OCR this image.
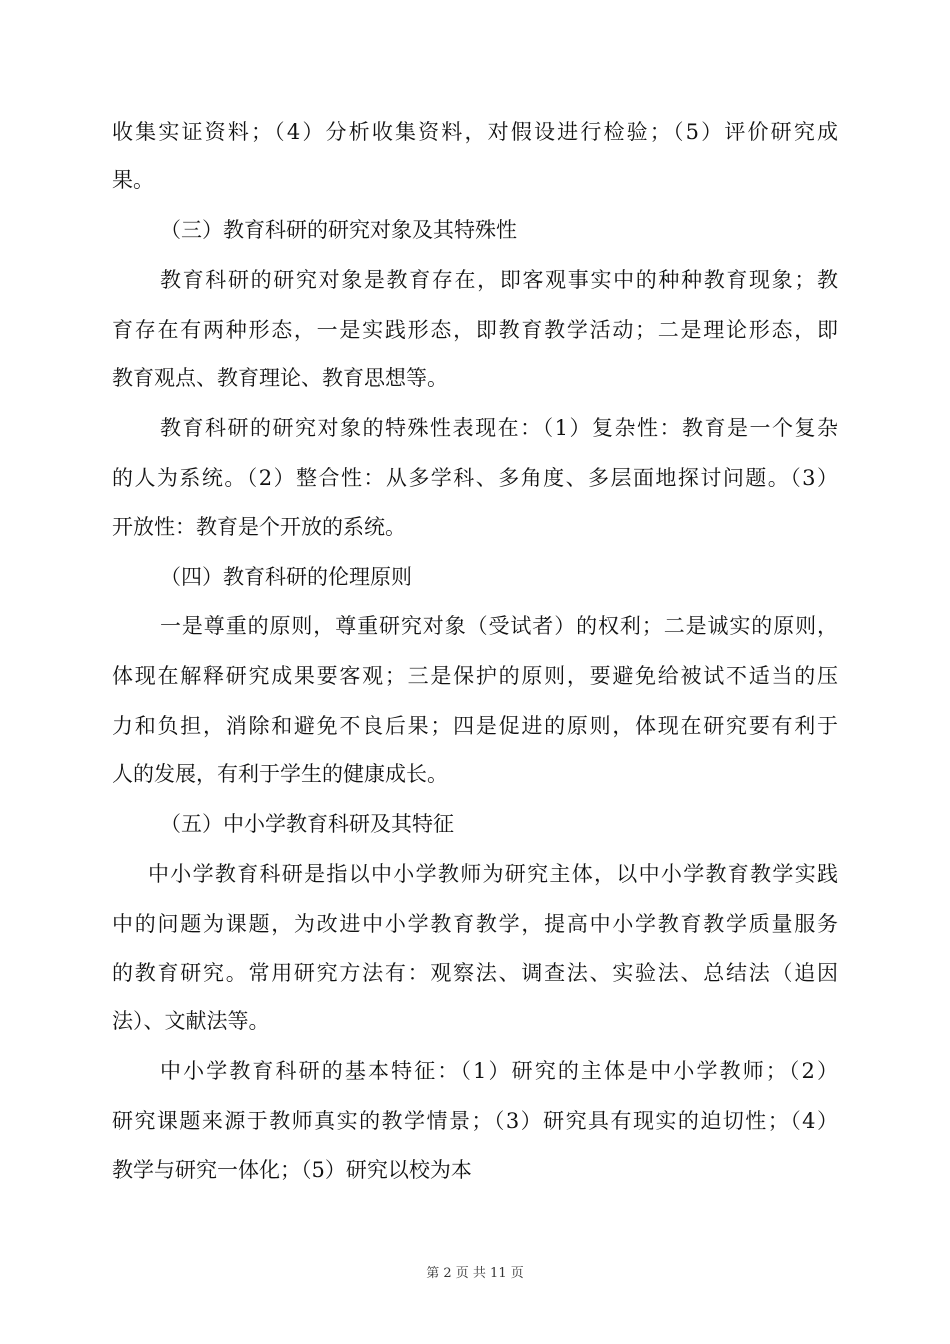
收集实证资料；（4）分析收集资料，对假设进行检验；（5）评价研究成
果。
（三）教育科研的研究对象及其特殊性
教育科研的研究对象是教育存在，即客观事实中的种种教育现象；教
育存在有两种形态，一是实践形态，即教育教学活动；二是理论形态，即
教育观点、教育理论、教育思想等。
教育科研的研究对象的特殊性表现在：（1）复杂性：教育是一个复杂
的人为系统。（2）整合性：从多学科、多角度、多层面地探讨问题。（3）
开放性：教育是个开放的系统。
（四）教育科研的伦理原则
一是尊重的原则，尊重研究对象（受试者）的权利；二是诚实的原则，
体现在解释研究成果要客观；三是保护的原则，要避免给被试不适当的压
力和负担，消除和避免不良后果；四是促进的原则，体现在研究要有利于
人的发展，有利于学生的健康成长。
（五）中小学教育科研及其特征
中小学教育科研是指以中小学教师为研究主体，以中小学教育教学实践
中的问题为课题，为改进中小学教育教学，提高中小学教育教学质量服务
的教育研究。常用研究方法有：观察法、调查法、实验法、总结法（追因
法）、文献法等。
中小学教育科研的基本特征：（1）研究的主体是中小学教师；（2）
研究课题来源于教师真实的教学情景；（3）研究具有现实的迫切性；（4）
教学与研究一体化；（5）研究以校为本
第 2 页 共 11 页
